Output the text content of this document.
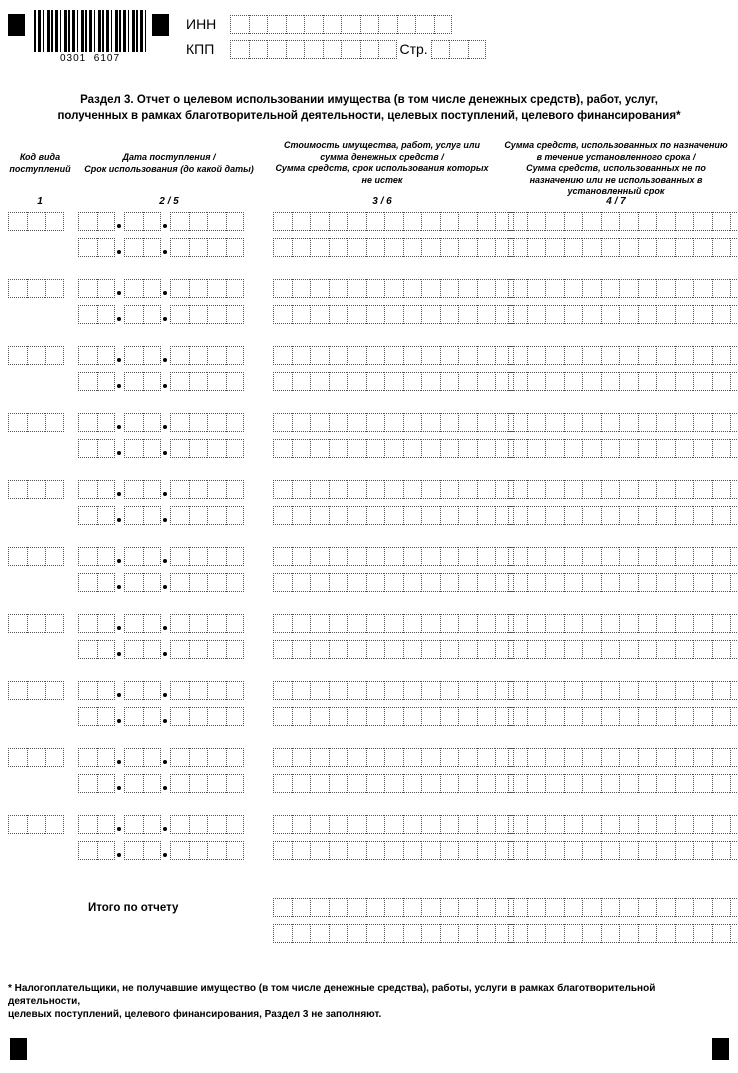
0301  6107
ИНН
КПП	Стр.
Раздел 3. Отчет о целевом использовании имущества (в том числе денежных средств), работ, услуг,
полученных в рамках благотворительной деятельности, целевых поступлений, целевого финансирования*
Код вида
поступлений
1
Дата поступления /
Срок использования (до какой даты)
2 / 5
Стоимость имущества, работ, услуг или
сумма денежных средств /
Сумма средств, срок использования которых
не истек
3 / 6
Сумма средств, использованных по назначению
в течение установленного срока /
Сумма средств, использованных не по
назначению или не использованных в
установленный срок
4 / 7
Итого по отчету
* Налогоплательщики, не получавшие имущество (в том числе денежные средства), работы, услуги в рамках благотворительной деятельности,
целевых поступлений, целевого финансирования, Раздел 3 не заполняют.
